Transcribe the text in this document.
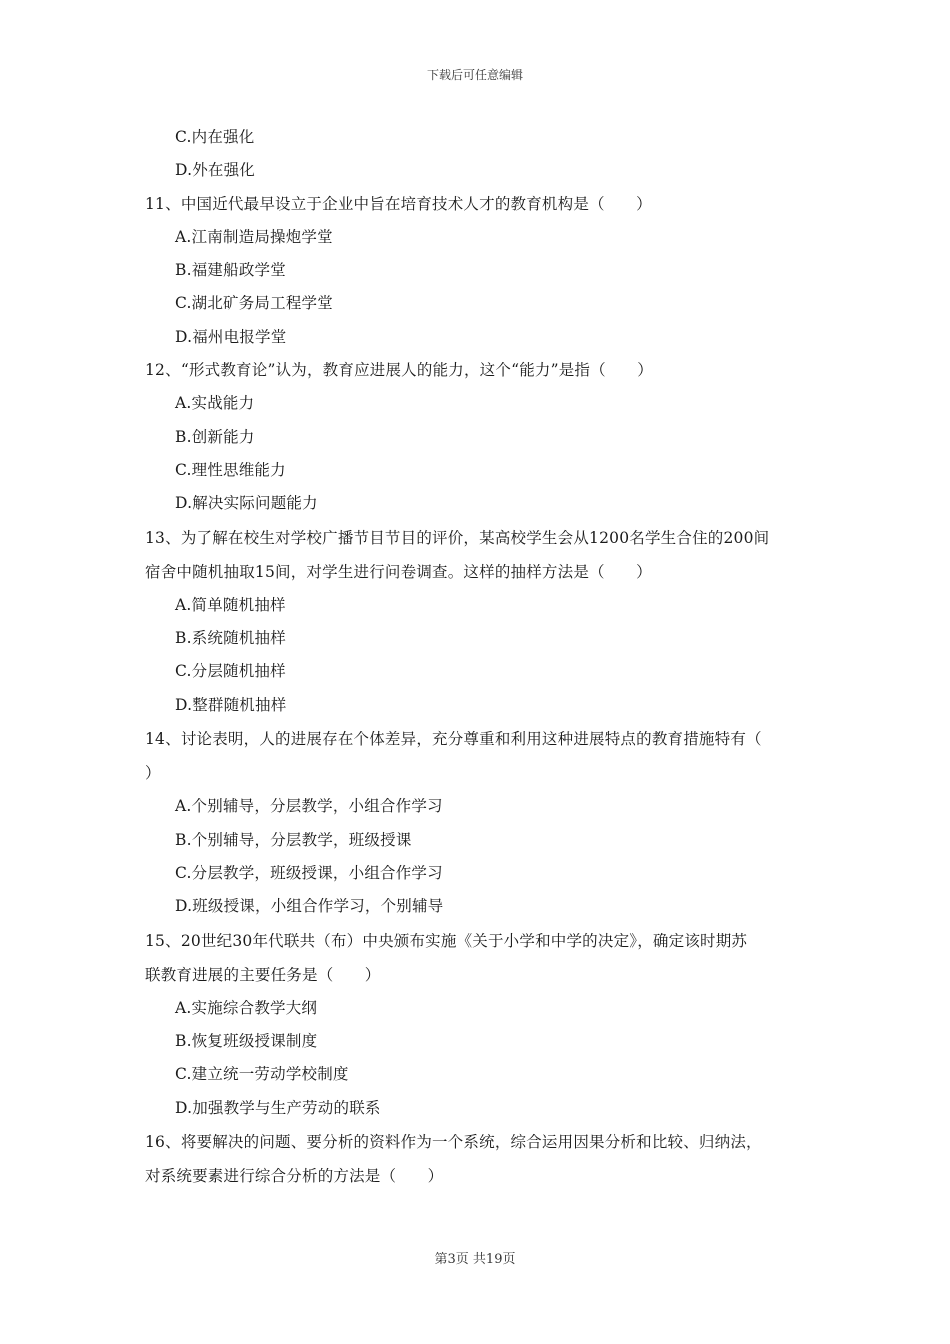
下载后可任意编辑
C.内在强化
D.外在强化
11、中国近代最早设立于企业中旨在培育技术人才的教育机构是（　　）
A.江南制造局操炮学堂
B.福建船政学堂
C.湖北矿务局工程学堂
D.福州电报学堂
12、“形式教育论”认为，教育应进展人的能力，这个“能力”是指（　　）
A.实战能力
B.创新能力
C.理性思维能力
D.解决实际问题能力
13、为了解在校生对学校广播节目节目的评价，某高校学生会从1200名学生合住的200间
宿舍中随机抽取15间，对学生进行问卷调查。这样的抽样方法是（　　）
A.简单随机抽样
B.系统随机抽样
C.分层随机抽样
D.整群随机抽样
14、讨论表明，人的进展存在个体差异，充分尊重和利用这种进展特点的教育措施特有（
）
A.个别辅导，分层教学，小组合作学习
B.个别辅导，分层教学，班级授课
C.分层教学，班级授课，小组合作学习
D.班级授课，小组合作学习，个别辅导
15、20世纪30年代联共（布）中央颁布实施《关于小学和中学的决定》，确定该时期苏
联教育进展的主要任务是（　　）
A.实施综合教学大纲
B.恢复班级授课制度
C.建立统一劳动学校制度
D.加强教学与生产劳动的联系
16、将要解决的问题、要分析的资料作为一个系统，综合运用因果分析和比较、归纳法，
对系统要素进行综合分析的方法是（　　）
第3页 共19页
